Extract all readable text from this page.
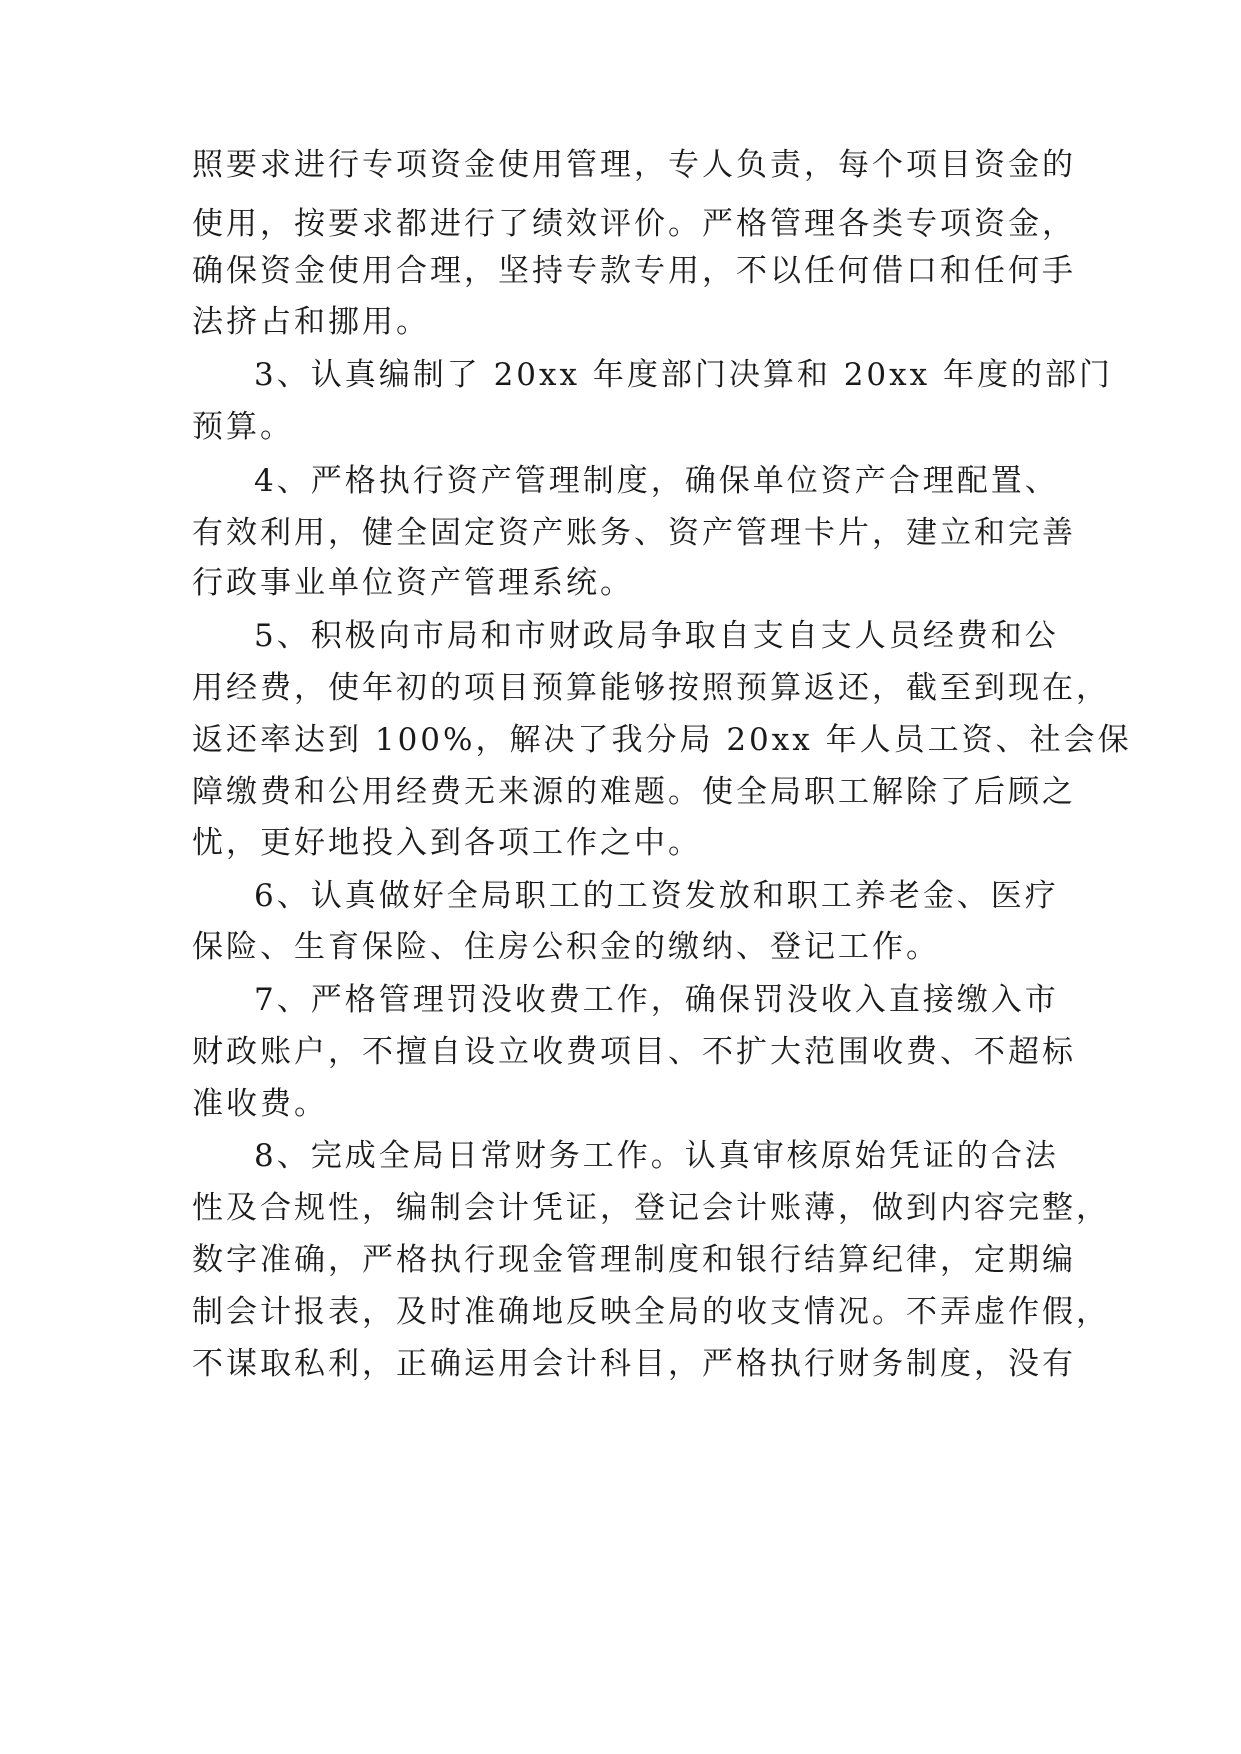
照要求进行专项资金使用管理，专人负责，每个项目资金的
使用，按要求都进行了绩效评价。严格管理各类专项资金，
确保资金使用合理，坚持专款专用，不以任何借口和任何手
法挤占和挪用。
3、认真编制了 20xx 年度部门决算和 20xx 年度的部门
预算。
4、严格执行资产管理制度，确保单位资产合理配置、
有效利用，健全固定资产账务、资产管理卡片，建立和完善
行政事业单位资产管理系统。
5、积极向市局和市财政局争取自支自支人员经费和公
用经费，使年初的项目预算能够按照预算返还，截至到现在，
返还率达到 100%，解决了我分局 20xx 年人员工资、社会保
障缴费和公用经费无来源的难题。使全局职工解除了后顾之
忧，更好地投入到各项工作之中。
6、认真做好全局职工的工资发放和职工养老金、医疗
保险、生育保险、住房公积金的缴纳、登记工作。
7、严格管理罚没收费工作，确保罚没收入直接缴入市
财政账户，不擅自设立收费项目、不扩大范围收费、不超标
准收费。
8、完成全局日常财务工作。认真审核原始凭证的合法
性及合规性，编制会计凭证，登记会计账薄，做到内容完整，
数字准确，严格执行现金管理制度和银行结算纪律，定期编
制会计报表，及时准确地反映全局的收支情况。不弄虚作假，
不谋取私利，正确运用会计科目，严格执行财务制度，没有
